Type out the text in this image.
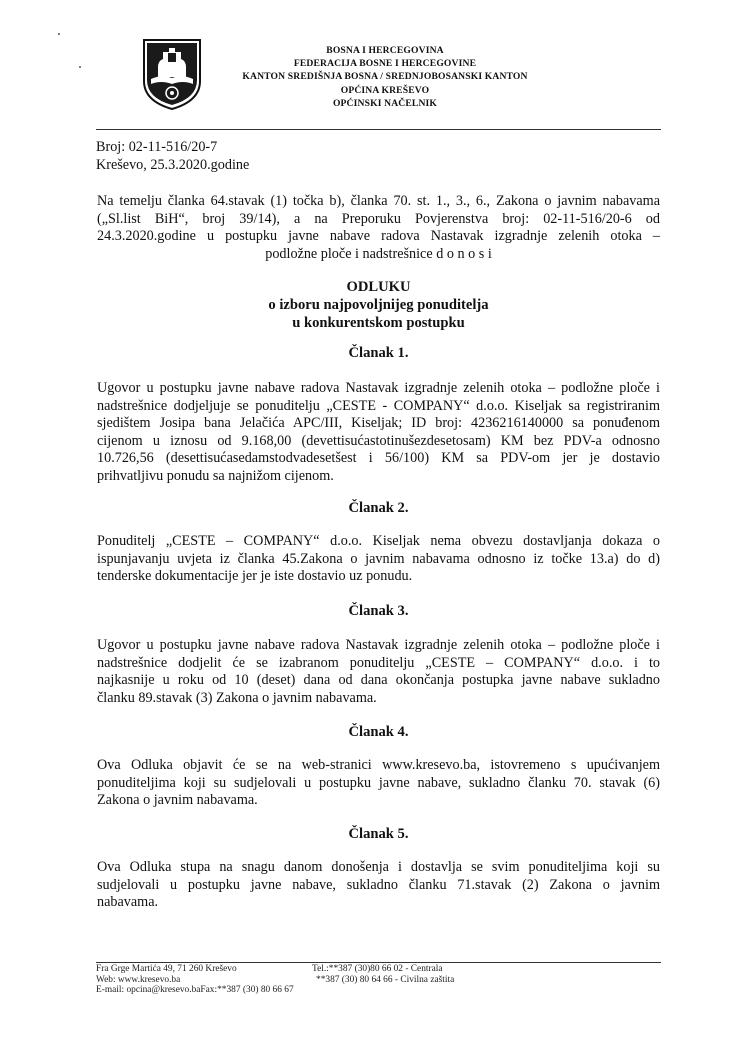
BOSNA I HERCEGOVINA
FEDERACIJA BOSNE I HERCEGOVINE
KANTON SREDIŠNJA BOSNA / SREDNJOBOSANSKI KANTON
OPĆINA KREŠEVO
OPĆINSKI NAČELNIK
Broj: 02-11-516/20-7
Kreševo, 25.3.2020.godine
Na temelju članka 64.stavak (1) točka b), članka 70. st. 1., 3., 6., Zakona o javnim nabavama
(„Sl.list BiH“, broj 39/14), a na Preporuku Povjerenstva broj: 02-11-516/20-6 od
24.3.2020.godine u postupku javne nabave radova Nastavak izgradnje zelenih otoka –
podložne ploče i nadstrešnice d o n o s i
ODLUKU
o izboru najpovoljnijeg ponuditelja
u konkurentskom postupku
Članak 1.
Ugovor u postupku javne nabave radova Nastavak izgradnje zelenih otoka – podložne ploče i
nadstrešnice dodjeljuje se ponuditelju „CESTE - COMPANY“ d.o.o. Kiseljak sa registriranim
sjedištem Josipa bana Jelačića APC/III, Kiseljak; ID broj: 4236216140000 sa ponuđenom
cijenom u iznosu od 9.168,00 (devettisućastotinušezdesetosam) KM bez PDV-a odnosno
10.726,56 (desettisućasedamstodvadesetšest i 56/100) KM sa PDV-om jer je dostavio
prihvatljivu ponudu sa najnižom cijenom.
Članak 2.
Ponuditelj „CESTE – COMPANY“ d.o.o. Kiseljak nema obvezu dostavljanja dokaza o
ispunjavanju uvjeta iz članka 45.Zakona o javnim nabavama odnosno iz točke 13.a) do d)
tenderske dokumentacije jer je iste dostavio uz ponudu.
Članak 3.
Ugovor u postupku javne nabave radova Nastavak izgradnje zelenih otoka – podložne ploče i
nadstrešnice dodjelit će se izabranom ponuditelju „CESTE – COMPANY“ d.o.o. i to
najkasnije u roku od 10 (deset) dana od dana okončanja postupka javne nabave sukladno
članku 89.stavak (3) Zakona o javnim nabavama.
Članak 4.
Ova Odluka objavit će se na web-stranici www.kresevo.ba, istovremeno s upućivanjem
ponuditeljima koji su sudjelovali u postupku javne nabave, sukladno članku 70. stavak (6)
Zakona o javnim nabavama.
Članak 5.
Ova Odluka stupa na snagu danom donošenja i dostavlja se svim ponuditeljima koji su
sudjelovali u postupku javne nabave, sukladno članku 71.stavak (2) Zakona o javnim
nabavama.
Fra Grge Martića 49, 71 260 Kreševo
Web: www.kresevo.ba
E-mail: opcina@kresevo.baFax:**387 (30) 80 66 67
Tel.:**387 (30)80 66 02 - Centrala
**387 (30) 80 64 66 - Civilna zaštita
